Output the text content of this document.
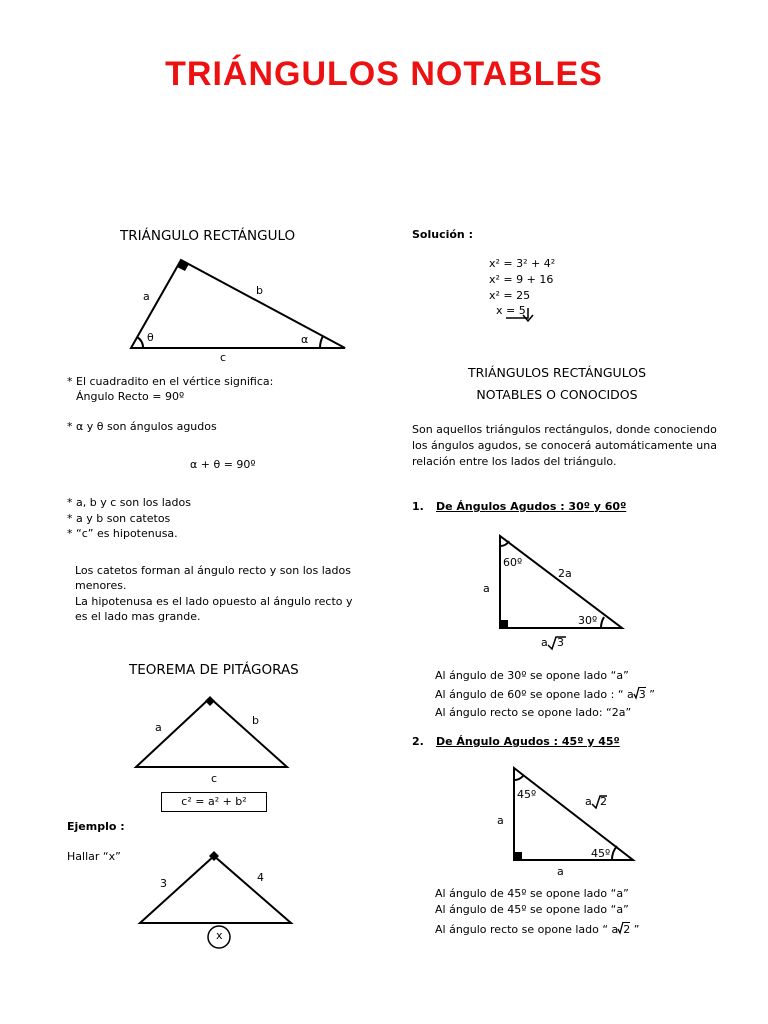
TRIÁNGULOS NOTABLES
TRIÁNGULO RECTÁNGULO
a	b
c
θ	α
* El cuadradito en el vértice significa:
Ángulo Recto = 90º
* α y θ son ángulos agudos
α + θ = 90º
* a, b y c son los lados
* a y b son catetos
* “c” es hipotenusa.
Los catetos forman al ángulo recto y son los lados
menores.
La hipotenusa es el lado opuesto al ángulo recto y
es el lado mas grande.
TEOREMA DE PITÁGORAS
a
b
c
c² = a² + b²
Ejemplo :
Hallar “x”
3	4
x
Solución :
x² = 3² + 4²
x² = 9 + 16
x² = 25
x = 5
TRIÁNGULOS RECTÁNGULOS
NOTABLES O CONOCIDOS
Son aquellos triángulos rectángulos, donde conociendo
los ángulos agudos, se conocerá automáticamente una
relación entre los lados del triángulo.
1. De Ángulos Agudos : 30º y 60º
60º
30º
2a
a
a 3
Al ángulo de 30º se opone lado “a”
Al ángulo de 60º se opone lado : “ a 3 ”
Al ángulo recto se opone lado: “2a”
2. De Ángulo Agudos : 45º y 45º
45º
45º
a
a
a 2
Al ángulo de 45º se opone lado “a”
Al ángulo de 45º se opone lado “a”
Al ángulo recto se opone lado “ a 2 ”
